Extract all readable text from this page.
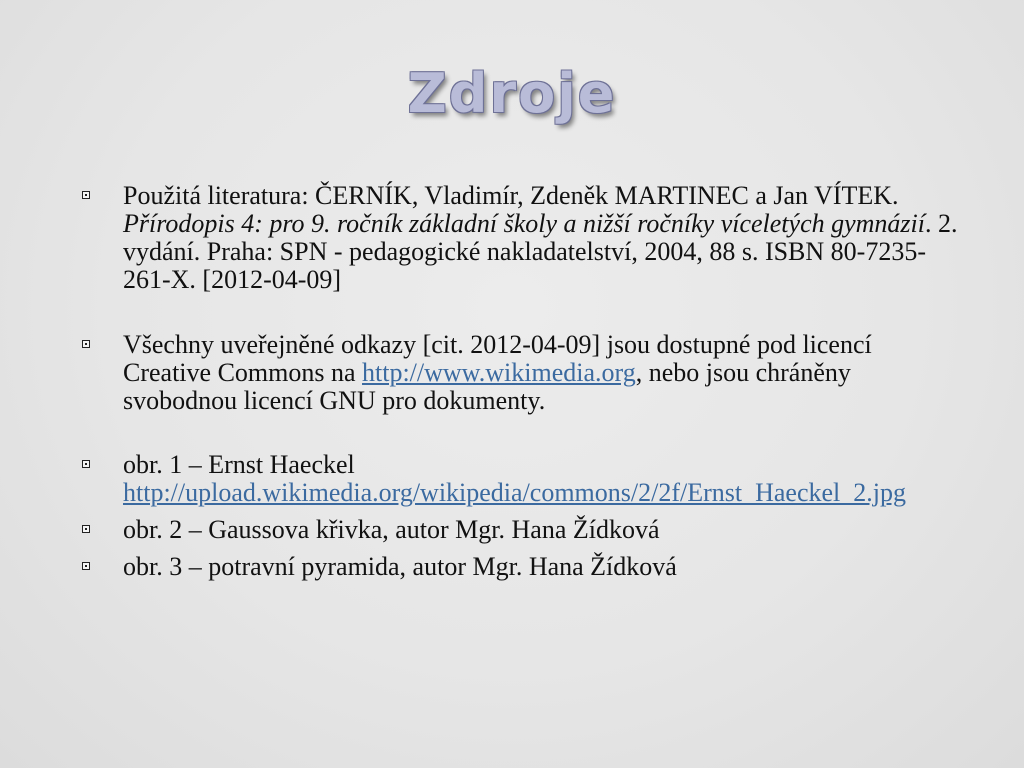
Zdroje
Použitá literatura: ČERNÍK, Vladimír, Zdeněk MARTINEC a Jan VÍTEK. Přírodopis 4: pro 9. ročník základní školy a nižší ročníky víceletých gymnázií. 2. vydání. Praha: SPN - pedagogické nakladatelství, 2004, 88 s. ISBN 80-7235-261-X. [2012-04-09]
Všechny uveřejněné odkazy [cit. 2012-04-09] jsou dostupné pod licencí Creative Commons na http://www.wikimedia.org, nebo jsou chráněny svobodnou licencí GNU pro dokumenty.
obr. 1 – Ernst Haeckel
http://upload.wikimedia.org/wikipedia/commons/2/2f/Ernst_Haeckel_2.jpg
obr. 2 – Gaussova křivka, autor Mgr. Hana Žídková
obr. 3 – potravní pyramida, autor Mgr. Hana Žídková
